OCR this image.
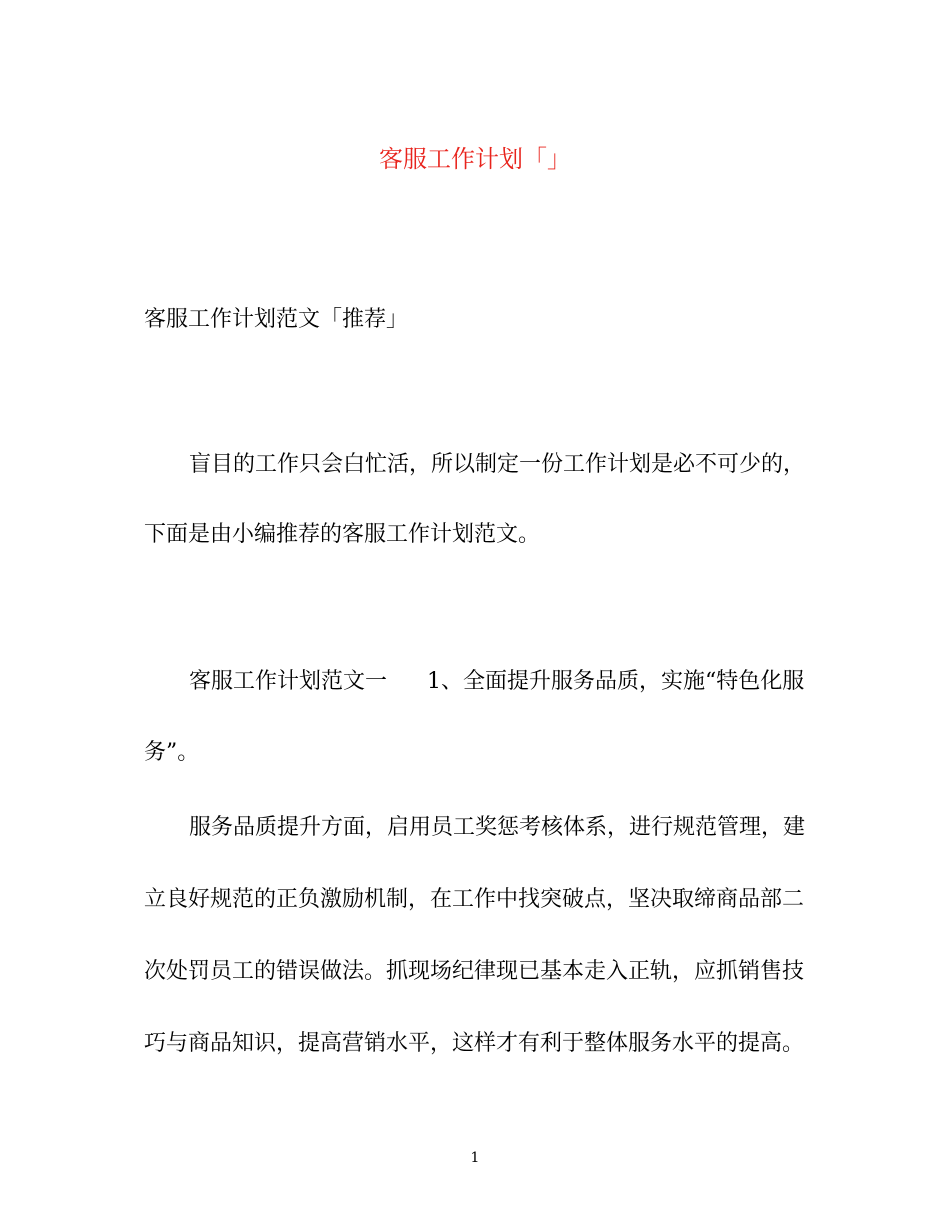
客服工作计划「」
客服工作计划范文「推荐」
盲目的工作只会白忙活，所以制定一份工作计划是必不可少的，
下面是由小编推荐的客服工作计划范文。
客服工作计划范文一 1、全面提升服务品质，实施“特色化服
务”。
服务品质提升方面，启用员工奖惩考核体系，进行规范管理，建
立良好规范的正负激励机制，在工作中找突破点，坚决取缔商品部二
次处罚员工的错误做法。抓现场纪律现已基本走入正轨，应抓销售技
巧与商品知识，提高营销水平，这样才有利于整体服务水平的提高。
1
